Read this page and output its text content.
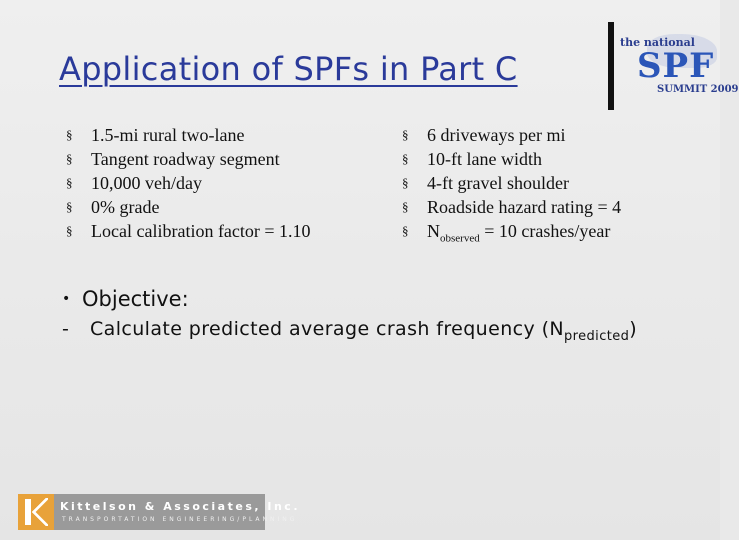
Application of SPFs in Part C
the national
SPF
SUMMIT 2009
§ 1.5-mi rural two-lane
§ Tangent roadway segment
§ 10,000 veh/day
§ 0% grade
§ Local calibration factor = 1.10
§ 6 driveways per mi
§ 10-ft lane width
§ 4-ft gravel shoulder
§ Roadside hazard rating = 4
§ $N_{observed} = 10$ crashes/year
• Objective:
- Calculate predicted average crash frequency $(N_{predicted})$
Kittelson & Associates, Inc.
TRANSPORTATION ENGINEERING/PLANNING
